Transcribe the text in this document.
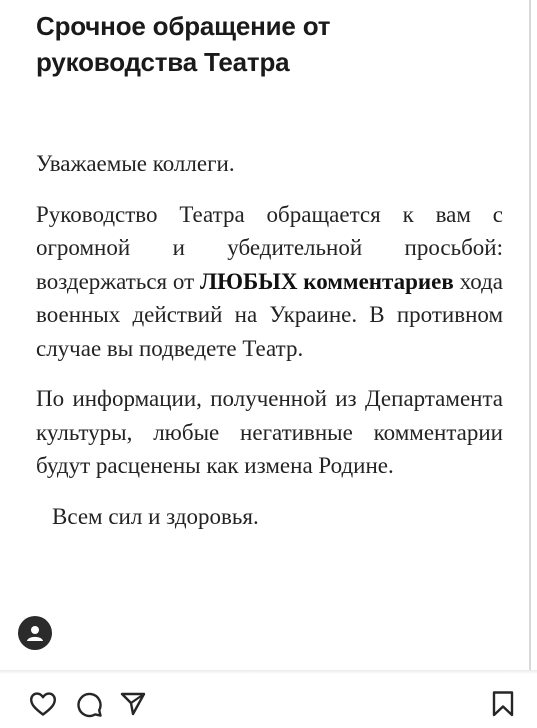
Срочное обращение от руководства Театра

Уважаемые коллеги.

Руководство Театра обращается к вам с огромной и убедительной просьбой: воздержаться от ЛЮБЫХ комментариев хода военных действий на Украине. В противном случае вы подведете Театр.

По информации, полученной из Департамента культуры, любые негативные комментарии будут расценены как измена Родине.

Всем сил и здоровья.
